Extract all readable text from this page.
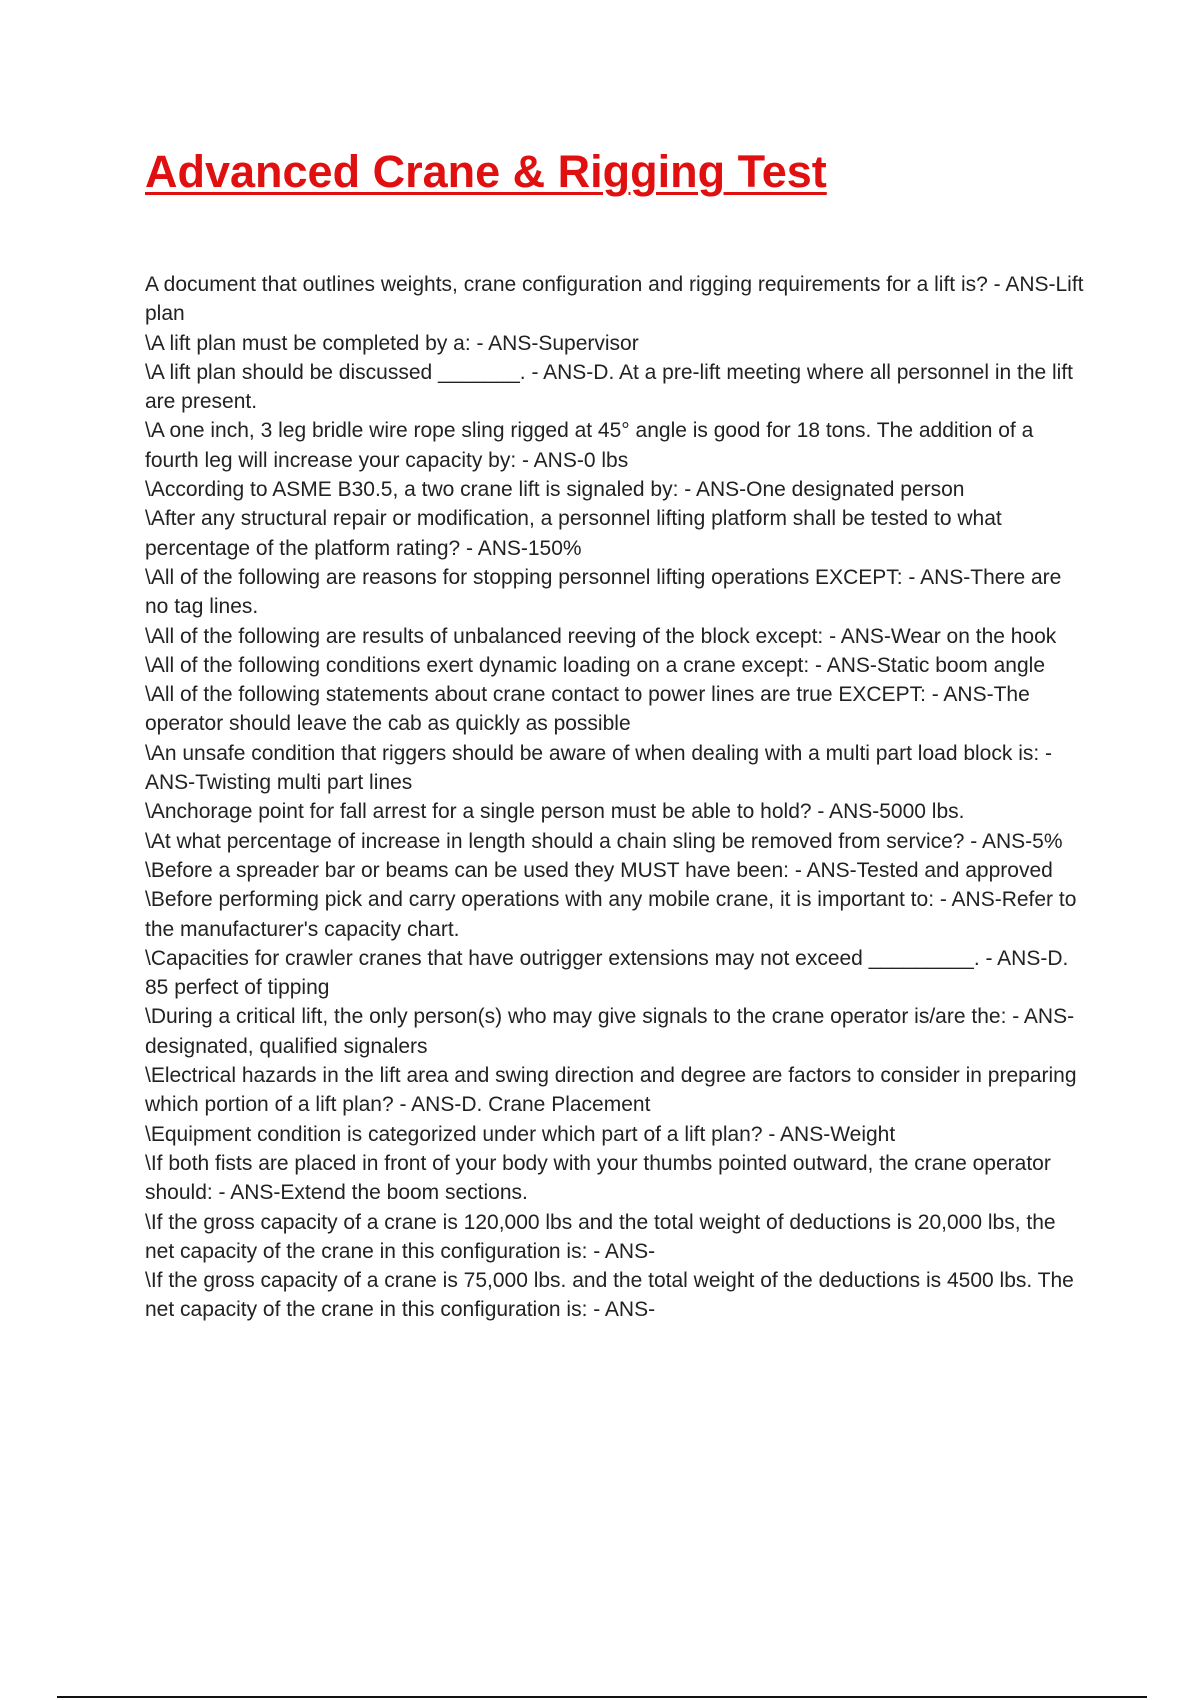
Advanced Crane & Rigging Test

A document that outlines weights, crane configuration and rigging requirements for a lift is? - ANS-Lift plan

\A lift plan must be completed by a: - ANS-Supervisor

\A lift plan should be discussed _______. - ANS-D. At a pre-lift meeting where all personnel in the lift are present.

\A one inch, 3 leg bridle wire rope sling rigged at 45° angle is good for 18 tons. The addition of a fourth leg will increase your capacity by: - ANS-0 lbs

\According to ASME B30.5, a two crane lift is signaled by: - ANS-One designated person

\After any structural repair or modification, a personnel lifting platform shall be tested to what percentage of the platform rating? - ANS-150%

\All of the following are reasons for stopping personnel lifting operations EXCEPT: - ANS-There are no tag lines.

\All of the following are results of unbalanced reeving of the block except: - ANS-Wear on the hook

\All of the following conditions exert dynamic loading on a crane except: - ANS-Static boom angle

\All of the following statements about crane contact to power lines are true EXCEPT: - ANS-The operator should leave the cab as quickly as possible

\An unsafe condition that riggers should be aware of when dealing with a multi part load block is: - ANS-Twisting multi part lines

\Anchorage point for fall arrest for a single person must be able to hold? - ANS-5000 lbs.

\At what percentage of increase in length should a chain sling be removed from service? - ANS-5%

\Before a spreader bar or beams can be used they MUST have been: - ANS-Tested and approved

\Before performing pick and carry operations with any mobile crane, it is important to: - ANS-Refer to the manufacturer's capacity chart.

\Capacities for crawler cranes that have outrigger extensions may not exceed _________. - ANS-D. 85 perfect of tipping

\During a critical lift, the only person(s) who may give signals to the crane operator is/are the: - ANS-designated, qualified signalers

\Electrical hazards in the lift area and swing direction and degree are factors to consider in preparing which portion of a lift plan? - ANS-D. Crane Placement

\Equipment condition is categorized under which part of a lift plan? - ANS-Weight

\If both fists are placed in front of your body with your thumbs pointed outward, the crane operator should: - ANS-Extend the boom sections.

\If the gross capacity of a crane is 120,000 lbs and the total weight of deductions is 20,000 lbs, the net capacity of the crane in this configuration is: - ANS-

\If the gross capacity of a crane is 75,000 lbs. and the total weight of the deductions is 4500 lbs. The net capacity of the crane in this configuration is: - ANS-
